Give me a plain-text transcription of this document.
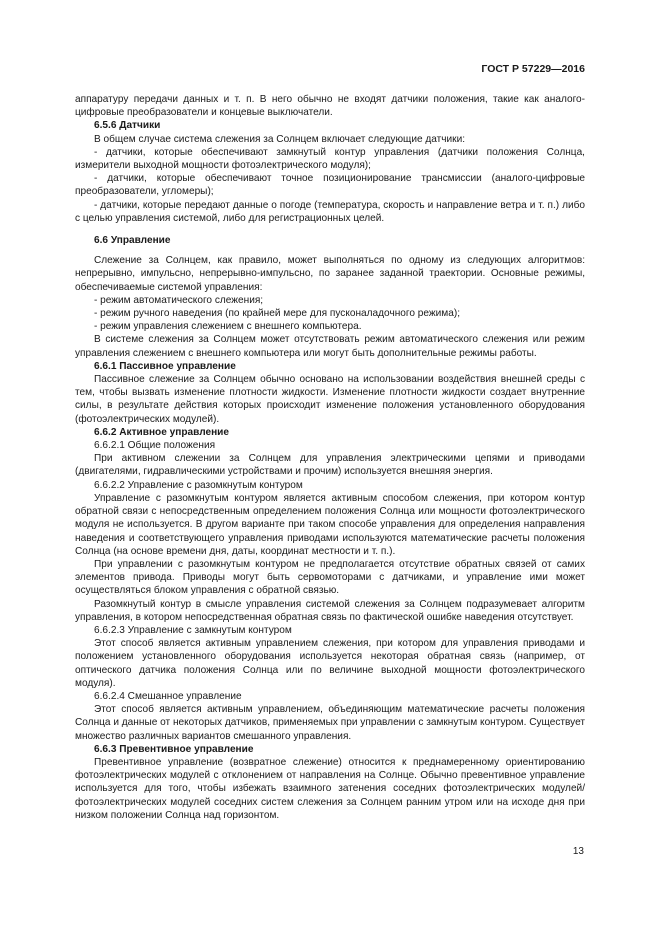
ГОСТ Р 57229—2016

аппаратуру передачи данных и т. п. В него обычно не входят датчики положения, такие как аналого-цифровые преобразователи и концевые выключатели.

6.5.6 Датчики

В общем случае система слежения за Солнцем включает следующие датчики:

- датчики, которые обеспечивают замкнутый контур управления (датчики положения Солнца, измерители выходной мощности фотоэлектрического модуля);

- датчики, которые обеспечивают точное позиционирование трансмиссии (аналого-цифровые преобразователи, угломеры);

- датчики, которые передают данные о погоде (температура, скорость и направление ветра и т. п.) либо с целью управления системой, либо для регистрационных целей.

6.6 Управление

Слежение за Солнцем, как правило, может выполняться по одному из следующих алгоритмов: непрерывно, импульсно, непрерывно-импульсно, по заранее заданной траектории. Основные режимы, обеспечиваемые системой управления:

- режим автоматического слежения;

- режим ручного наведения (по крайней мере для пусконаладочного режима);

- режим управления слежением с внешнего компьютера.

В системе слежения за Солнцем может отсутствовать режим автоматического слежения или режим управления слежением с внешнего компьютера или могут быть дополнительные режимы работы.

6.6.1 Пассивное управление

Пассивное слежение за Солнцем обычно основано на использовании воздействия внешней среды с тем, чтобы вызвать изменение плотности жидкости. Изменение плотности жидкости создает внутренние силы, в результате действия которых происходит изменение положения установленного оборудования (фотоэлектрических модулей).

6.6.2 Активное управление

6.6.2.1 Общие положения

При активном слежении за Солнцем для управления электрическими цепями и приводами (двигателями, гидравлическими устройствами и прочим) используется внешняя энергия.

6.6.2.2 Управление с разомкнутым контуром

Управление с разомкнутым контуром является активным способом слежения, при котором контур обратной связи с непосредственным определением положения Солнца или мощности фотоэлектрического модуля не используется. В другом варианте при таком способе управления для определения направления наведения и соответствующего управления приводами используются математические расчеты положения Солнца (на основе времени дня, даты, координат местности и т. п.).

При управлении с разомкнутым контуром не предполагается отсутствие обратных связей от самих элементов привода. Приводы могут быть сервомоторами с датчиками, и управление ими может осуществляться блоком управления с обратной связью.

Разомкнутый контур в смысле управления системой слежения за Солнцем подразумевает алгоритм управления, в котором непосредственная обратная связь по фактической ошибке наведения отсутствует.

6.6.2.3 Управление с замкнутым контуром

Этот способ является активным управлением слежения, при котором для управления приводами и положением установленного оборудования используется некоторая обратная связь (например, от оптического датчика положения Солнца или по величине выходной мощности фотоэлектрического модуля).

6.6.2.4 Смешанное управление

Этот способ является активным управлением, объединяющим математические расчеты положения Солнца и данные от некоторых датчиков, применяемых при управлении с замкнутым контуром. Существует множество различных вариантов смешанного управления.

6.6.3 Превентивное управление

Превентивное управление (возвратное слежение) относится к преднамеренному ориентированию фотоэлектрических модулей с отклонением от направления на Солнце. Обычно превентивное управление используется для того, чтобы избежать взаимного затенения соседних фотоэлектрических модулей/фотоэлектрических модулей соседних систем слежения за Солнцем ранним утром или на исходе дня при низком положении Солнца над горизонтом.

13
